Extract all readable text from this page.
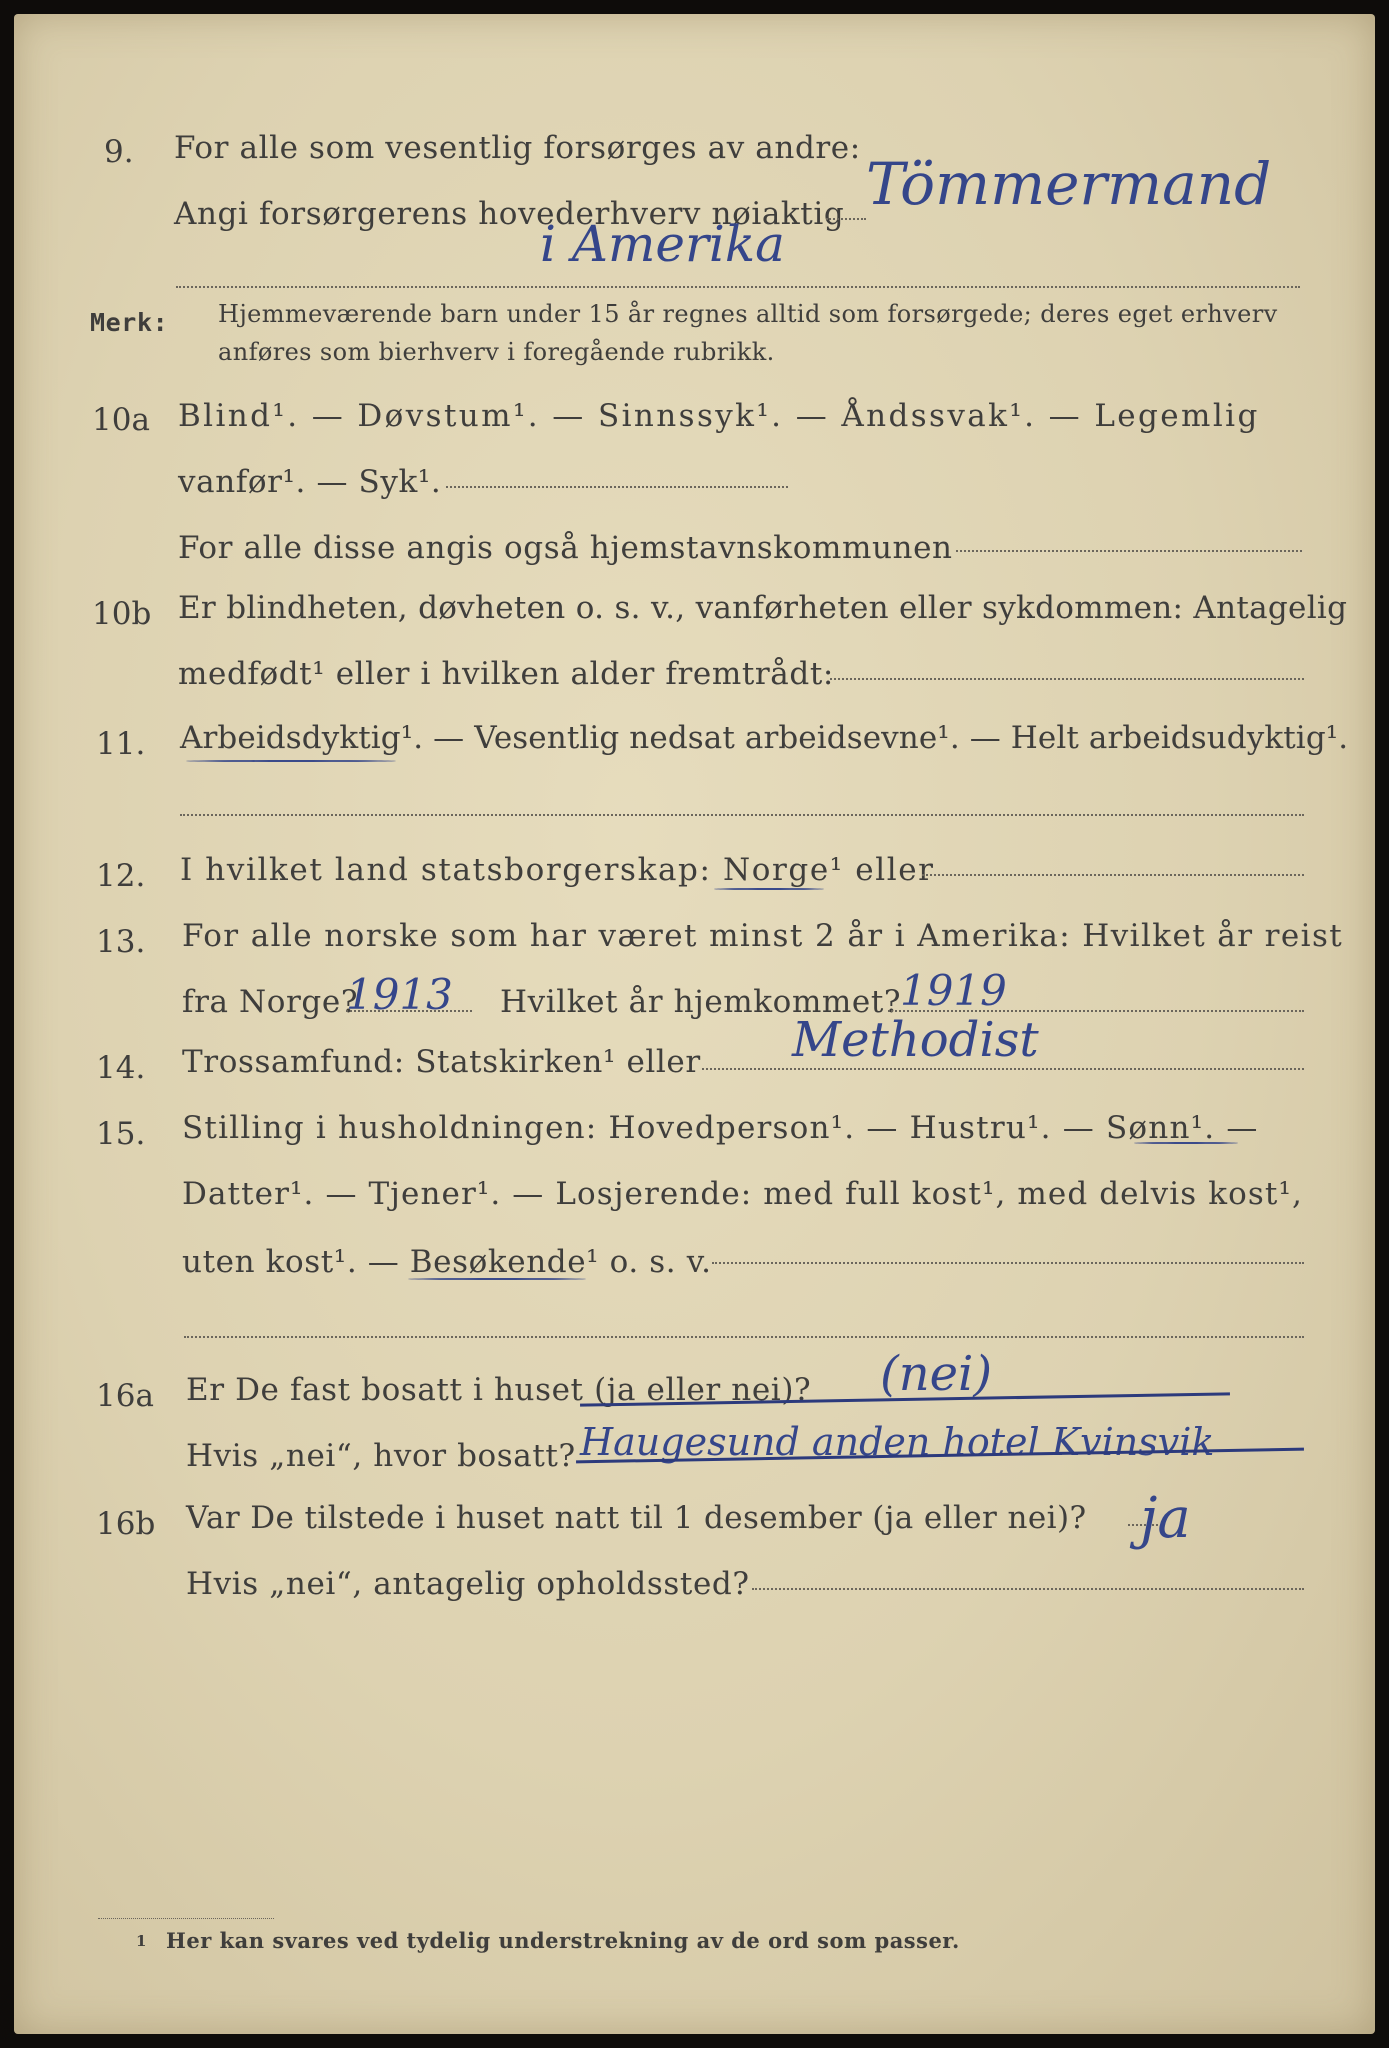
9. For alle som vesentlig forsørges av andre:
Angi forsørgerens hovederhverv nøiaktig Tömmermand
i Amerika
Merk: Hjemmeværende barn under 15 år regnes alltid som forsørgede; deres eget erhverv
anføres som bierhverv i foregående rubrikk.
10a Blind¹. — Døvstum¹. — Sinnssyk¹. — Åndssvak¹. — Legemlig
vanfør¹. — Syk¹.
For alle disse angis også hjemstavnskommunen
10b Er blindheten, døvheten o. s. v., vanførheten eller sykdommen: Antagelig
medfødt¹ eller i hvilken alder fremtrådt:
11. Arbeidsdyktig¹. — Vesentlig nedsat arbeidsevne¹. — Helt arbeidsudyktig¹.
12. I hvilket land statsborgerskap: Norge¹ eller
13. For alle norske som har været minst 2 år i Amerika: Hvilket år reist
fra Norge?
1913 Hvilket år hjemkommet?
1919
14. Trossamfund: Statskirken¹ eller Methodist
15. Stilling i husholdningen: Hovedperson¹. — Hustru¹. — Sønn¹. —
Datter¹. — Tjener¹. — Losjerende: med full kost¹, med delvis kost¹,
uten kost¹. — Besøkende¹ o. s. v.
16a Er De fast bosatt i huset (ja eller nei)? (nei)
Hvis „nei“, hvor bosatt? Haugesund anden hotel Kvinsvik
16b Var De tilstede i huset natt til 1 desember (ja eller nei)? ja
Hvis „nei“, antagelig opholdssted?
1 Her kan svares ved tydelig understrekning av de ord som passer.
